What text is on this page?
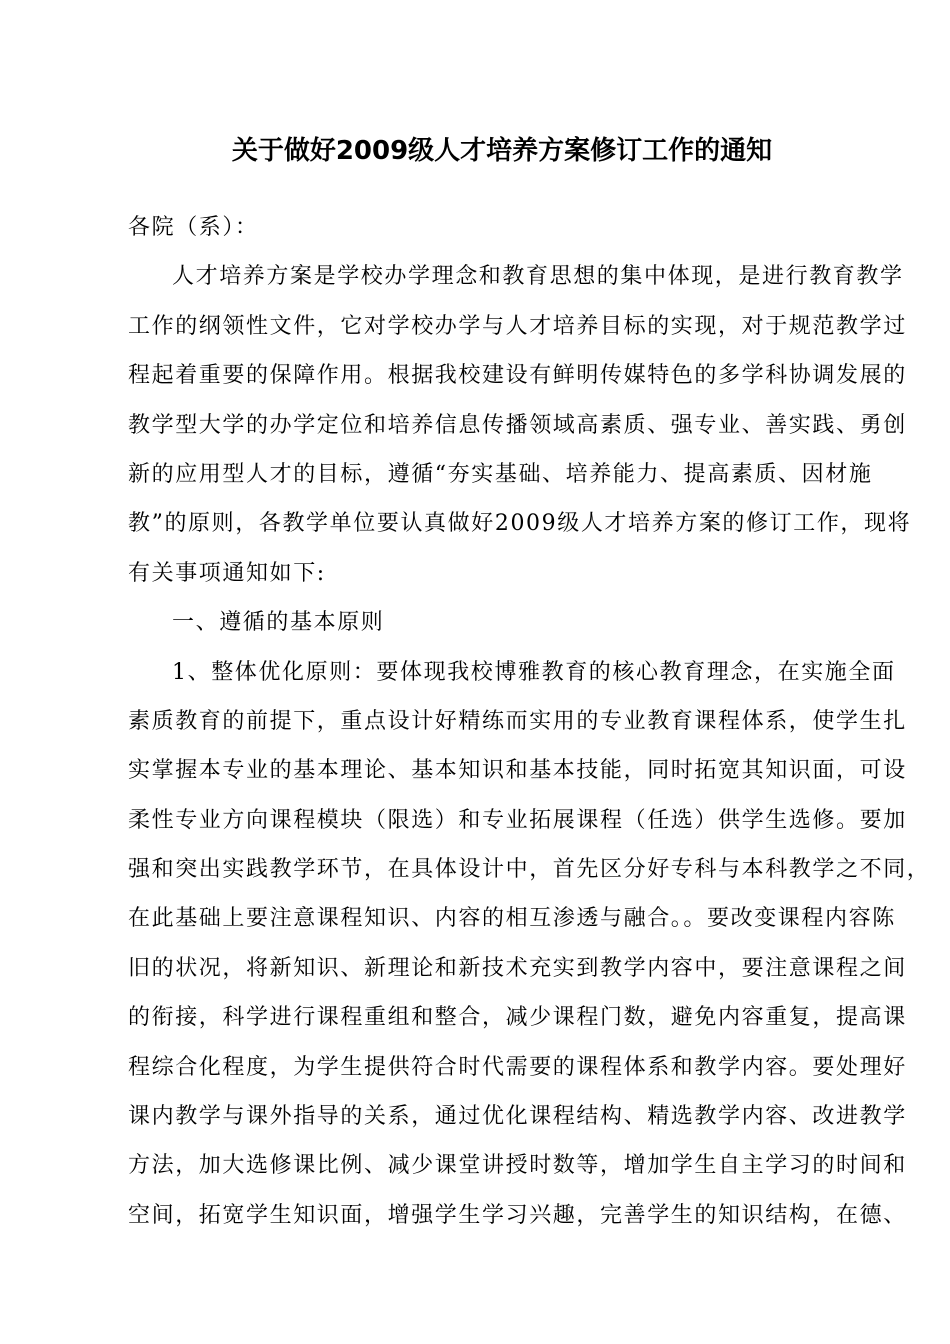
关于做好2009级人才培养方案修订工作的通知
各院（系）：
人才培养方案是学校办学理念和教育思想的集中体现，是进行教育教学
工作的纲领性文件，它对学校办学与人才培养目标的实现，对于规范教学过
程起着重要的保障作用。根据我校建设有鲜明传媒特色的多学科协调发展的
教学型大学的办学定位和培养信息传播领域高素质、强专业、善实践、勇创
新的应用型人才的目标，遵循“夯实基础、培养能力、提高素质、因材施
教”的原则，各教学单位要认真做好2009级人才培养方案的修订工作，现将
有关事项通知如下:
一、遵循的基本原则
1、整体优化原则：要体现我校博雅教育的核心教育理念，在实施全面
素质教育的前提下，重点设计好精练而实用的专业教育课程体系，使学生扎
实掌握本专业的基本理论、基本知识和基本技能，同时拓宽其知识面，可设
柔性专业方向课程模块（限选）和专业拓展课程（任选）供学生选修。要加
强和突出实践教学环节，在具体设计中，首先区分好专科与本科教学之不同，
在此基础上要注意课程知识、内容的相互渗透与融合。。要改变课程内容陈
旧的状况，将新知识、新理论和新技术充实到教学内容中，要注意课程之间
的衔接，科学进行课程重组和整合，减少课程门数，避免内容重复，提高课
程综合化程度，为学生提供符合时代需要的课程体系和教学内容。要处理好
课内教学与课外指导的关系，通过优化课程结构、精选教学内容、改进教学
方法，加大选修课比例、减少课堂讲授时数等，增加学生自主学习的时间和
空间，拓宽学生知识面，增强学生学习兴趣，完善学生的知识结构，在德、
